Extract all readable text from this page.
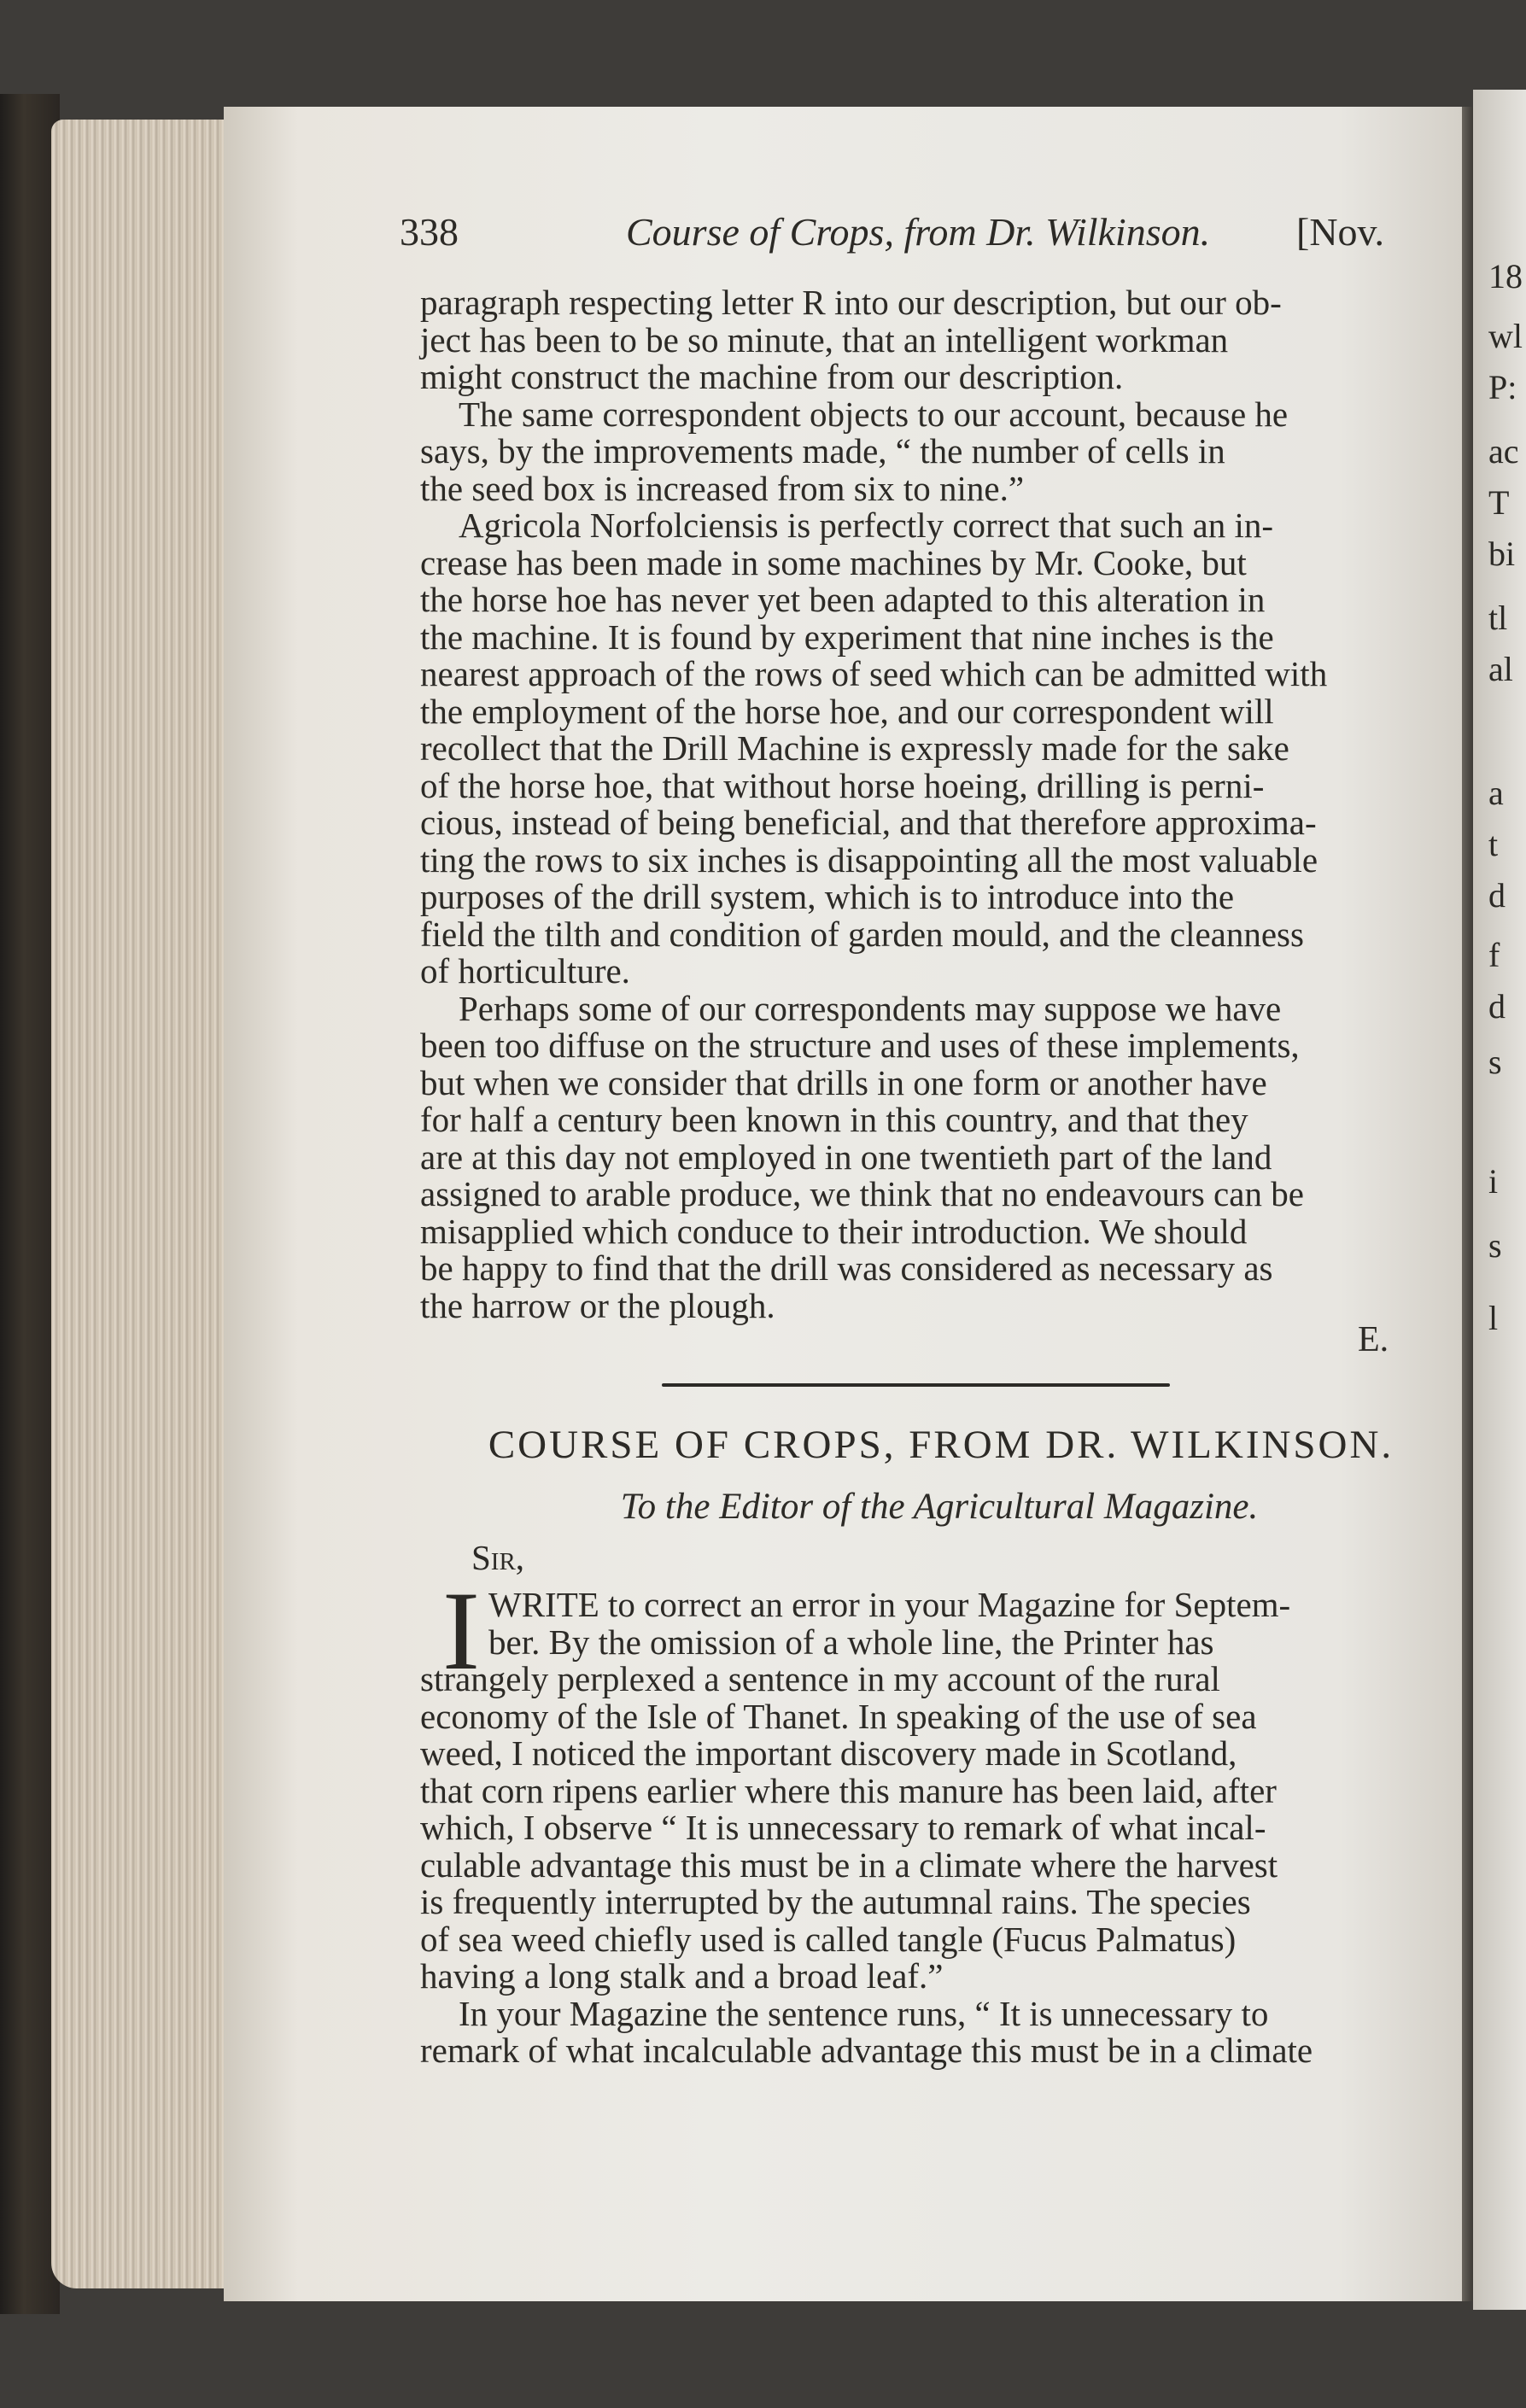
18
wl
P:
ac
T
bi
tl
al
a
t
d
f
d
s
i
s
l
338	Course of Crops, from Dr. Wilkinson. [Nov.
paragraph respecting letter R into our description, but our ob-
ject has been to be so minute, that an intelligent workman
might construct the machine from our description.
The same correspondent objects to our account, because he
says, by the improvements made, “ the number of cells in
the seed box is increased from six to nine.”
Agricola Norfolciensis is perfectly correct that such an in-
crease has been made in some machines by Mr. Cooke, but
the horse hoe has never yet been adapted to this alteration in
the machine. It is found by experiment that nine inches is the
nearest approach of the rows of seed which can be admitted with
the employment of the horse hoe, and our correspondent will
recollect that the Drill Machine is expressly made for the sake
of the horse hoe, that without horse hoeing, drilling is perni-
cious, instead of being beneficial, and that therefore approxima-
ting the rows to six inches is disappointing all the most valuable
purposes of the drill system, which is to introduce into the
field the tilth and condition of garden mould, and the cleanness
of horticulture.
Perhaps some of our correspondents may suppose we have
been too diffuse on the structure and uses of these implements,
but when we consider that drills in one form or another have
for half a century been known in this country, and that they
are at this day not employed in one twentieth part of the land
assigned to arable produce, we think that no endeavours can be
misapplied which conduce to their introduction. We should
be happy to find that the drill was considered as necessary as
the harrow or the plough.
E.
COURSE OF CROPS, FROM DR. WILKINSON.
To the Editor of the Agricultural Magazine.
Sir,
I WRITE to correct an error in your Magazine for Septem-
ber. By the omission of a whole line, the Printer has
strangely perplexed a sentence in my account of the rural
economy of the Isle of Thanet. In speaking of the use of sea
weed, I noticed the important discovery made in Scotland,
that corn ripens earlier where this manure has been laid, after
which, I observe “ It is unnecessary to remark of what incal-
culable advantage this must be in a climate where the harvest
is frequently interrupted by the autumnal rains. The species
of sea weed chiefly used is called tangle (Fucus Palmatus)
having a long stalk and a broad leaf.”
In your Magazine the sentence runs, “ It is unnecessary to
remark of what incalculable advantage this must be in a climate
